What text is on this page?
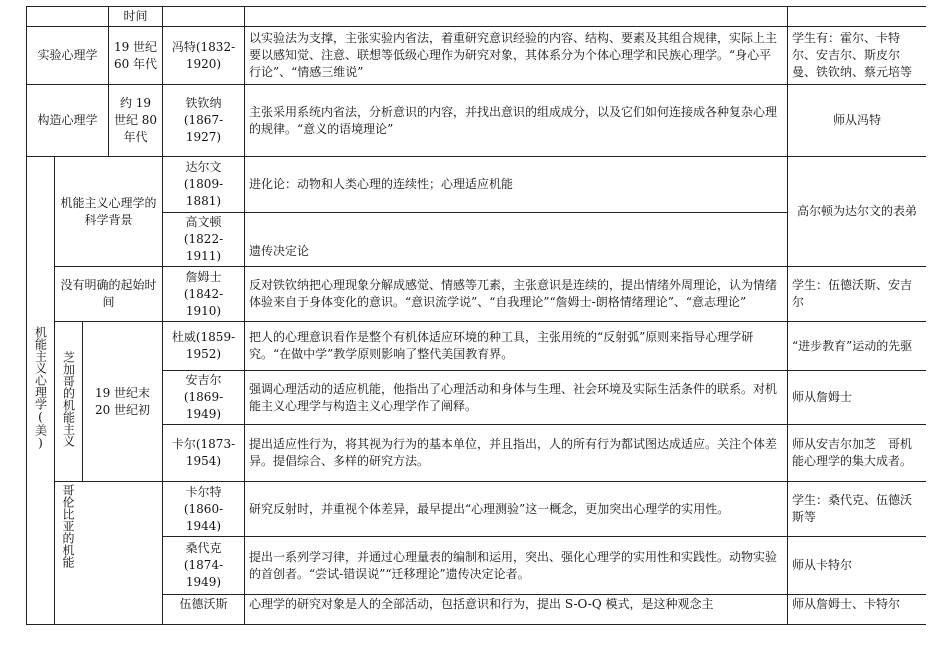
			时间			
实验心理学			19 世纪 60 年代	冯特(1832-1920)	以实验法为支撑，主张实验内省法，着重研究意识经验的内容、结构、要素及其组合规律，实际上主要以感知觉、注意、联想等低级心理作为研究对象，其体系分为个体心理学和民族心理学。“身心平行论”、“情感三维说”	学生有：霍尔、卡特尔、安吉尔、斯皮尔曼、铁钦纳、蔡元培等
构造心理学			约 19 世纪 80 年代	铁钦纳(1867-1927)	主张采用系统内省法，分析意识的内容，并找出意识的组成成分，以及它们如何连接成各种复杂心理的规律。“意义的语境理论”	师从冯特
机能主义心理学(美)	机能主义心理学的科学背景			达尔文(1809-1881)	进化论：动物和人类心理的连续性；心理适应机能	高尔顿为达尔文的表弟
				高文顿(1822-1911)	遗传决定论	
	没有明确的起始时间			詹姆士(1842-1910)	反对铁钦纳把心理现象分解成感觉、情感等兀素，主张意识是连续的，提出情绪外周理论，认为情绪体验来自于身体变化的意识。“意识流学说”、“自我理论”“詹姆士-朗格情绪理论”、“意志理论”	学生：伍德沃斯、安吉尔
	芝加哥的机能主义	19 世纪末 20 世纪初		杜威(1859-1952)	把人的心理意识看作是整个有机体适应环境的种工具，主张用统的“反射弧”原则来指导心理学研究。“在做中学”教学原则影响了整代美国教育界。	“进步教育”运动的先驱
				安吉尔(1869-1949)	强调心理活动的适应机能，他指出了心理活动和身体与生理、社会环境及实际生活条件的联系。对机能主义心理学与构造主义心理学作了阐释。	师从詹姆士
				卡尔(1873-1954)	提出适应性行为，将其视为行为的基本单位，并且指出，人的所有行为都试图达成适应。关注个体差异。提倡综合、多样的研究方法。	师从安吉尔加芝　哥机能心理学的集大成者。
	哥伦比亚的机能			卡尔特(1860-1944)	研究反射时，并重视个体差异，最早提出“心理测验”这一概念，更加突出心理学的实用性。	学生：桑代克、伍德沃斯等
				桑代克(1874-1949)	提出一系列学习律，并通过心理量表的编制和运用，突出、强化心理学的实用性和实践性。动物实验的首创者。“尝试-错误说”“迁移理论”遗传决定论者。	师从卡特尔
				伍德沃斯	心理学的研究对象是人的全部活动，包括意识和行为，提出 S-O-Q 模式，是这种观念主	师从詹姆士、卡特尔
